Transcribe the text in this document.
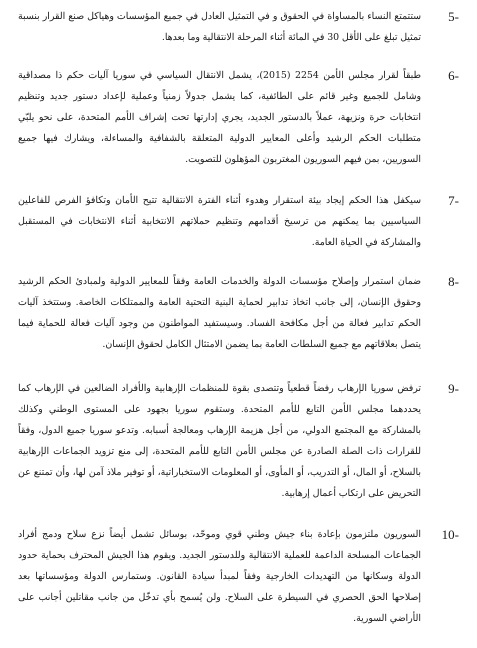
5-
ستتمتع النساء بالمساواة في الحقوق و في التمثيل العادل في جميع المؤسسات وهياكل صنع القرار بنسبة تمثيل تبلغ على الأقل 30 في المائة أثناء المرحلة الانتقالية وما بعدها.
6-
طبقاً لقرار مجلس الأمن 2254 (2015)، يشمل الانتقال السياسي في سوريا آليات حكم ذا مصداقية وشامل للجميع وغير قائم على الطائفية، كما يشمل جدولاً زمنياً وعملية لإعداد دستور جديد وتنظيم انتخابات حرة ونزيهة، عملاً بالدستور الجديد، يجري إدارتها تحت إشراف الأمم المتحدة، على نحو يلبّي متطلبات الحكم الرشيد وأعلى المعايير الدولية المتعلقة بالشفافية والمساءلة، ويشارك فيها جميع السوريين، بمن فيهم السوريون المغتربون المؤهلون للتصويت.
7-
سيكفل هذا الحكم إيجاد بيئة استقرار وهدوء أثناء الفترة الانتقالية تتيح الأمان وتكافؤ الفرص للفاعلين السياسيين بما يمكنهم من ترسيخ أقدامهم وتنظيم حملاتهم الانتخابية أثناء الانتخابات في المستقبل والمشاركة في الحياة العامة.
8-
ضمان استمرار وإصلاح مؤسسات الدولة والخدمات العامة وفقاً للمعايير الدولية ولمبادئ الحكم الرشيد وحقوق الإنسان، إلى جانب اتخاذ تدابير لحماية البنية التحتية العامة والممتلكات الخاصة. وستتخذ آليات الحكم تدابير فعالة من أجل مكافحة الفساد. وسيستفيد المواطنون من وجود آليات فعالة للحماية فيما يتصل بعلاقاتهم مع جميع السلطات العامة بما يضمن الامتثال الكامل لحقوق الإنسان.
9-
ترفض سوريا الإرهاب رفضاً قطعياً وتتصدى بقوة للمنظمات الإرهابية والأفراد الضالعين في الإرهاب كما يحددهما مجلس الأمن التابع للأمم المتحدة. وستقوم سوريا بجهود على المستوى الوطني وكذلك بالمشاركة مع المجتمع الدولي، من أجل هزيمة الإرهاب ومعالجة أسبابه. وتدعو سوريا جميع الدول، وفقاً للقرارات ذات الصلة الصادرة عن مجلس الأمن التابع للأمم المتحدة، إلى منع تزويد الجماعات الإرهابية بالسلاح، أو المال، أو التدريب، أو المأوى، أو المعلومات الاستخباراتية، أو توفير ملاذ آمن لها، وأن تمتنع عن التحريض على ارتكاب أعمال إرهابية.
10-
السوريون ملتزمون بإعادة بناء جيش وطني قوي وموحّد، بوسائل تشمل أيضاً نزع سلاح ودمج أفراد الجماعات المسلحة الداعمة للعملية الانتقالية وللدستور الجديد. ويقوم هذا الجيش المحترف بحماية حدود الدولة وسكانها من التهديدات الخارجية وفقاً لمبدأ سيادة القانون. وستمارس الدولة ومؤسساتها بعد إصلاحها الحق الحصري في السيطرة على السلاح. ولن يُسمح بأي تدخّل من جانب مقاتلين أجانب على الأراضي السورية.
